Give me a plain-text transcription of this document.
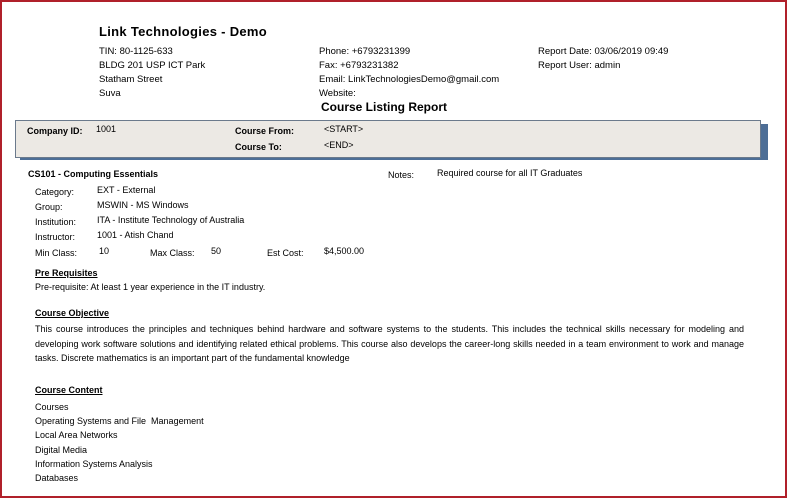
Link Technologies - Demo
TIN: 80-1125-633
BLDG 201 USP ICT Park
Statham Street
Suva
Phone: +6793231399
Fax: +6793231382
Email: LinkTechnologiesDemo@gmail.com
Website:
Report Date: 03/06/2019 09:49
Report User: admin
Course Listing Report
Company ID: 1001	Course From:	<START>
Course To:	<END>
CS101 - Computing Essentials	Notes:	Required course for all IT Graduates
Category:	EXT - External
Group:	MSWIN - MS Windows
Institution: ITA - Institute Technology of Australia
Instructor: 1001 - Atish Chand
Min Class: 10	Max Class: 50	Est Cost: $4,500.00
Pre Requisites
Pre-requisite: At least 1 year experience in the IT industry.
Course Objective
This course introduces the principles and techniques behind hardware and software systems to the students. This includes the technical skills necessary for modeling and developing work software solutions and identifying related ethical problems. This course also develops the career-long skills needed in a team environment to work and manage tasks. Discrete mathematics is an important part of the fundamental knowledge
Course Content
Courses
Operating Systems and File  Management
Local Area Networks
Digital Media
Information Systems Analysis
Databases
